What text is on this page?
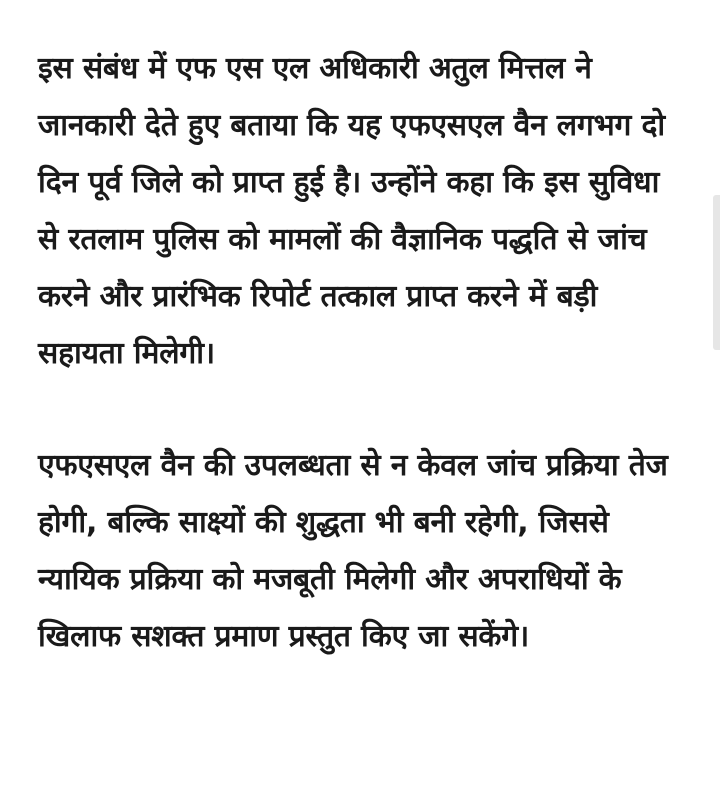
इस संबंध में एफ एस एल अधिकारी अतुल मित्तल ने जानकारी देते हुए बताया कि यह एफएसएल वैन लगभग दो दिन पूर्व जिले को प्राप्त हुई है। उन्होंने कहा कि इस सुविधा से रतलाम पुलिस को मामलों की वैज्ञानिक पद्धति से जांच करने और प्रारंभिक रिपोर्ट तत्काल प्राप्त करने में बड़ी सहायता मिलेगी।

एफएसएल वैन की उपलब्धता से न केवल जांच प्रक्रिया तेज होगी, बल्कि साक्ष्यों की शुद्धता भी बनी रहेगी, जिससे न्यायिक प्रक्रिया को मजबूती मिलेगी और अपराधियों के खिलाफ सशक्त प्रमाण प्रस्तुत किए जा सकेंगे।
